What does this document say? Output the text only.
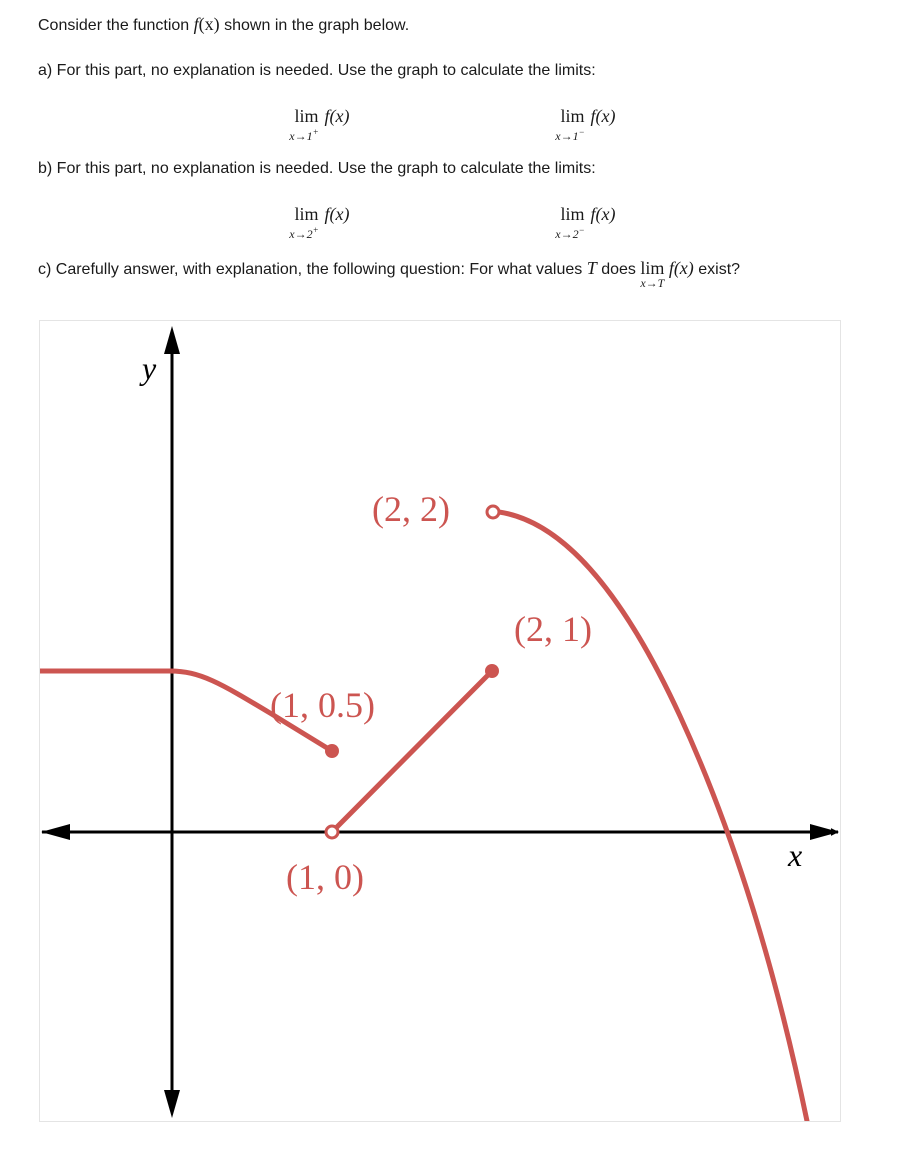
Consider the function f(x) shown in the graph below.
a) For this part, no explanation is needed. Use the graph to calculate the limits:
lim f(x)
x→1+
lim f(x)
x→1−
b) For this part, no explanation is needed. Use the graph to calculate the limits:
lim f(x)
x→2+
lim f(x)
x→2−
c) Carefully answer, with explanation, the following question: For what values T does lim
x→T
f(x) exist?
y
x
(2, 2)
(2, 1)
(1, 0.5)
(1, 0)
